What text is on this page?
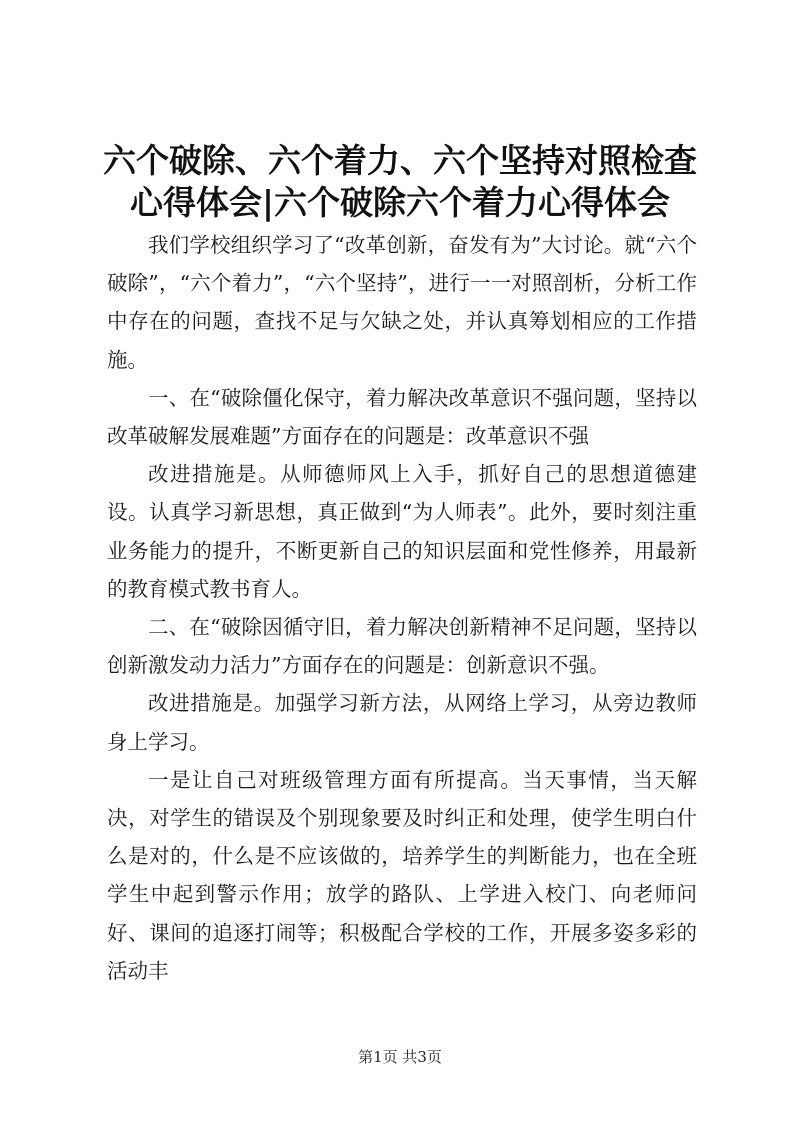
六个破除、六个着力、六个坚持对照检查心得体会|六个破除六个着力心得体会

我们学校组织学习了“改革创新，奋发有为”大讨论。就“六个破除”，“六个着力”，“六个坚持”，进行一一对照剖析，分析工作中存在的问题，查找不足与欠缺之处，并认真筹划相应的工作措施。

一、在“破除僵化保守，着力解决改革意识不强问题，坚持以改革破解发展难题”方面存在的问题是：改革意识不强

改进措施是。从师德师风上入手，抓好自己的思想道德建设。认真学习新思想，真正做到“为人师表”。此外，要时刻注重业务能力的提升，不断更新自己的知识层面和党性修养，用最新的教育模式教书育人。

二、在“破除因循守旧，着力解决创新精神不足问题，坚持以创新激发动力活力”方面存在的问题是：创新意识不强。

改进措施是。加强学习新方法，从网络上学习，从旁边教师身上学习。

一是让自己对班级管理方面有所提高。当天事情，当天解决，对学生的错误及个别现象要及时纠正和处理，使学生明白什么是对的，什么是不应该做的，培养学生的判断能力，也在全班学生中起到警示作用；放学的路队、上学进入校门、向老师问好、课间的追逐打闹等；积极配合学校的工作，开展多姿多彩的活动丰

第1页 共3页
